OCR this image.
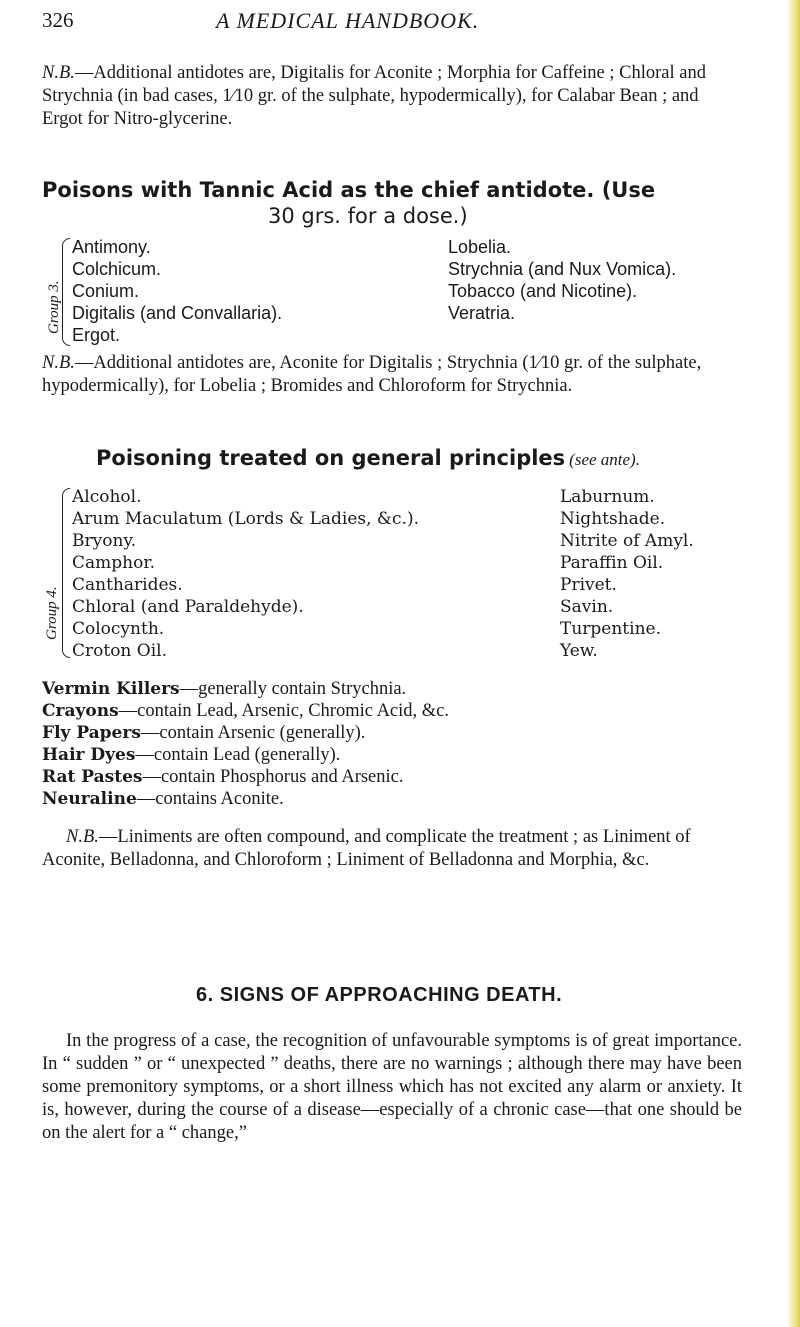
326	A MEDICAL HANDBOOK.

N.B.—Additional antidotes are, Digitalis for Aconite ; Morphia for Caffeine ; Chloral and Strychnia (in bad cases, 1⁄10 gr. of the sulphate, hypodermically), for Calabar Bean ; and Ergot for Nitro-glycerine.

Poisons with Tannic Acid as the chief antidote. (Use
30 grs. for a dose.)
Group 3.
Antimony.
Colchicum.
Conium.
Digitalis (and Convallaria).
Ergot.
Lobelia.
Strychnia (and Nux Vomica).
Tobacco (and Nicotine).
Veratria.

N.B.—Additional antidotes are, Aconite for Digitalis ; Strychnia (1⁄10 gr. of the sulphate, hypodermically), for Lobelia ; Bromides and Chloroform for Strychnia.

Poisoning treated on general principles (see ante).
Group 4.
Alcohol.
Arum Maculatum (Lords & Ladies, &c.).
Bryony.
Camphor.
Cantharides.
Chloral (and Paraldehyde).
Colocynth.
Croton Oil.
Laburnum.
Nightshade.
Nitrite of Amyl.
Paraffin Oil.
Privet.
Savin.
Turpentine.
Yew.

Vermin Killers—generally contain Strychnia.

Crayons—contain Lead, Arsenic, Chromic Acid, &c.

Fly Papers—contain Arsenic (generally).

Hair Dyes—contain Lead (generally).

Rat Pastes—contain Phosphorus and Arsenic.

Neuraline—contains Aconite.

N.B.—Liniments are often compound, and complicate the treatment ; as Liniment of Aconite, Belladonna, and Chloroform ; Liniment of Belladonna and Morphia, &c.

6. SIGNS OF APPROACHING DEATH.

In the progress of a case, the recognition of unfavourable symptoms is of great importance. In “ sudden ” or “ unexpected ” deaths, there are no warnings ; although there may have been some premonitory symptoms, or a short illness which has not excited any alarm or anxiety. It is, however, during the course of a disease—especially of a chronic case—that one should be on the alert for a “ change,”
